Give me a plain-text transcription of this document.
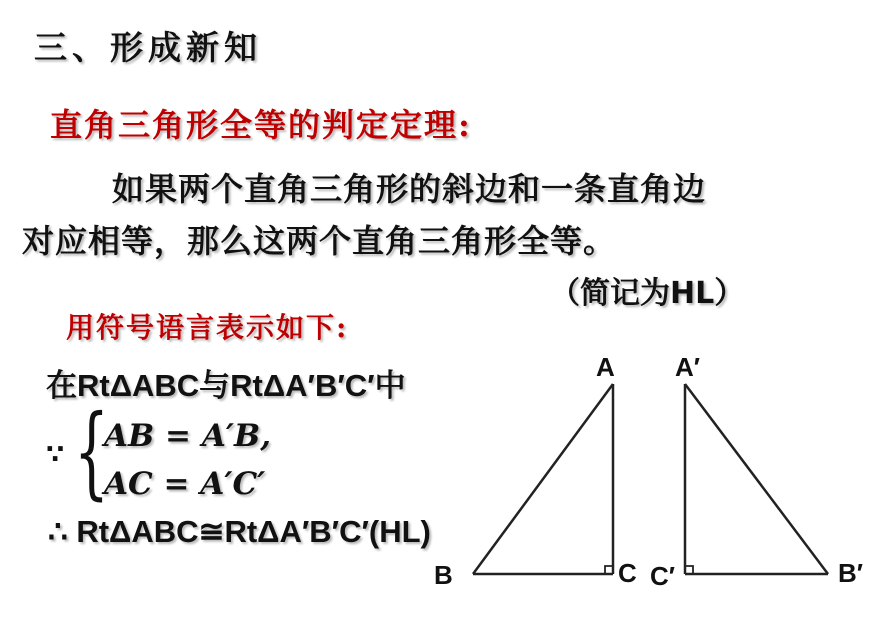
三、形成新知
直角三角形全等的判定定理:
如果两个直角三角形的斜边和一条直角边
对应相等，那么这两个直角三角形全等。
（简记为HL）
用符号语言表示如下:
在RtΔABC与RtΔA′B′C′中
∵ {
AB = A′B,
AC = A′C′
∴ RtΔABC≅RtΔA′B′C′(HL)
A
B	C
A′
B′
C′
